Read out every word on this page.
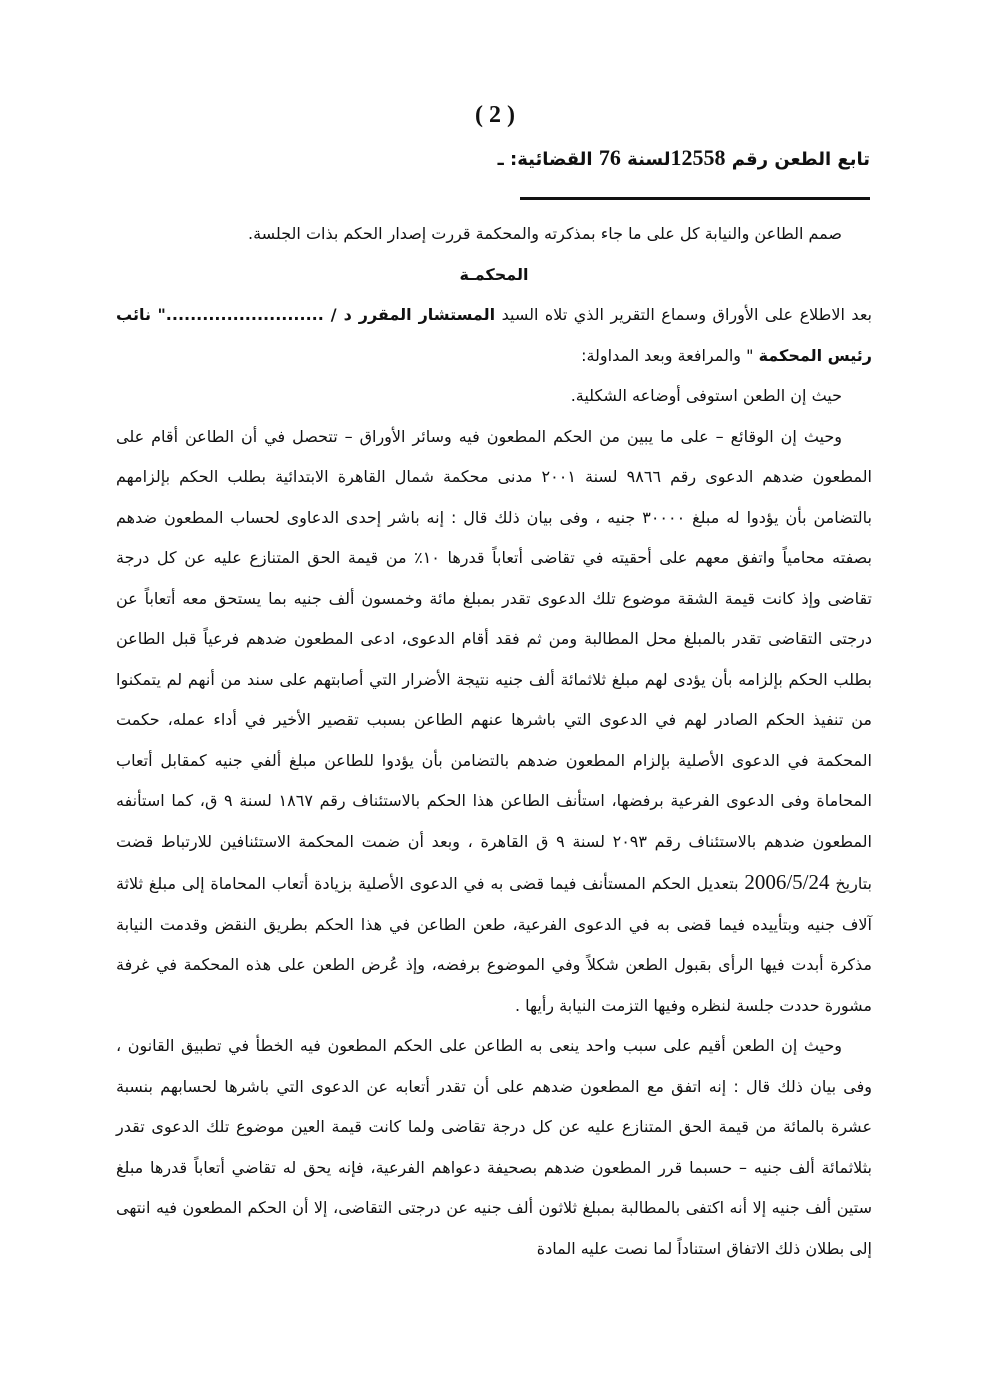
( 2 )
تابع الطعن رقم 12558لسنة 76 القضائية: ـ

صمم الطاعن والنيابة كل على ما جاء بمذكرته والمحكمة قررت إصدار الحكم بذات الجلسة.

المحكمـة

بعد الاطلاع على الأوراق وسماع التقرير الذي تلاه السيد المستشار المقرر د / .........................." نائب رئيس المحكمة " والمرافعة وبعد المداولة:

حيث إن الطعن استوفى أوضاعه الشكلية.

وحيث إن الوقائع – على ما يبين من الحكم المطعون فيه وسائر الأوراق – تتحصل في أن الطاعن أقام على المطعون ضدهم الدعوى رقم ٩٨٦٦ لسنة ٢٠٠١ مدنى محكمة شمال القاهرة الابتدائية بطلب الحكم بإلزامهم بالتضامن بأن يؤدوا له مبلغ ٣٠٠٠٠ جنيه ، وفى بيان ذلك قال : إنه باشر إحدى الدعاوى لحساب المطعون ضدهم بصفته محامياً واتفق معهم على أحقيته في تقاضى أتعاباً قدرها ١٠٪ من قيمة الحق المتنازع عليه عن كل درجة تقاضى وإذ كانت قيمة الشقة موضوع تلك الدعوى تقدر بمبلغ مائة وخمسون ألف جنيه بما يستحق معه أتعاباً عن درجتى التقاضى تقدر بالمبلغ محل المطالبة ومن ثم فقد أقام الدعوى، ادعى المطعون ضدهم فرعياً قبل الطاعن بطلب الحكم بإلزامه بأن يؤدى لهم مبلغ ثلاثمائة ألف جنيه نتيجة الأضرار التي أصابتهم على سند من أنهم لم يتمكنوا من تنفيذ الحكم الصادر لهم في الدعوى التي باشرها عنهم الطاعن بسبب تقصير الأخير في أداء عمله، حكمت المحكمة في الدعوى الأصلية بإلزام المطعون ضدهم بالتضامن بأن يؤدوا للطاعن مبلغ ألفي جنيه كمقابل أتعاب المحاماة وفى الدعوى الفرعية برفضها، استأنف الطاعن هذا الحكم بالاستئناف رقم ١٨٦٧ لسنة ٩ ق، كما استأنفه المطعون ضدهم بالاستئناف رقم ٢٠٩٣ لسنة ٩ ق القاهرة ، وبعد أن ضمت المحكمة الاستئنافين للارتباط قضت بتاريخ 2006/5/24 بتعديل الحكم المستأنف فيما قضى به في الدعوى الأصلية بزيادة أتعاب المحاماة إلى مبلغ ثلاثة آلاف جنيه وبتأييده فيما قضى به في الدعوى الفرعية، طعن الطاعن في هذا الحكم بطريق النقض وقدمت النيابة مذكرة أبدت فيها الرأى بقبول الطعن شكلاً وفي الموضوع برفضه، وإذ عُرض الطعن على هذه المحكمة في غرفة مشورة حددت جلسة لنظره وفيها التزمت النيابة رأيها .

وحيث إن الطعن أقيم على سبب واحد ينعى به الطاعن على الحكم المطعون فيه الخطأ في تطبيق القانون ، وفى بيان ذلك قال : إنه اتفق مع المطعون ضدهم على أن تقدر أتعابه عن الدعوى التي باشرها لحسابهم بنسبة عشرة بالمائة من قيمة الحق المتنازع عليه عن كل درجة تقاضى ولما كانت قيمة العين موضوع تلك الدعوى تقدر بثلاثمائة ألف جنيه – حسبما قرر المطعون ضدهم بصحيفة دعواهم الفرعية، فإنه يحق له تقاضي أتعاباً قدرها مبلغ ستين ألف جنيه إلا أنه اكتفى بالمطالبة بمبلغ ثلاثون ألف جنيه عن درجتى التقاضى، إلا أن الحكم المطعون فيه انتهى إلى بطلان ذلك الاتفاق استناداً لما نصت عليه المادة
